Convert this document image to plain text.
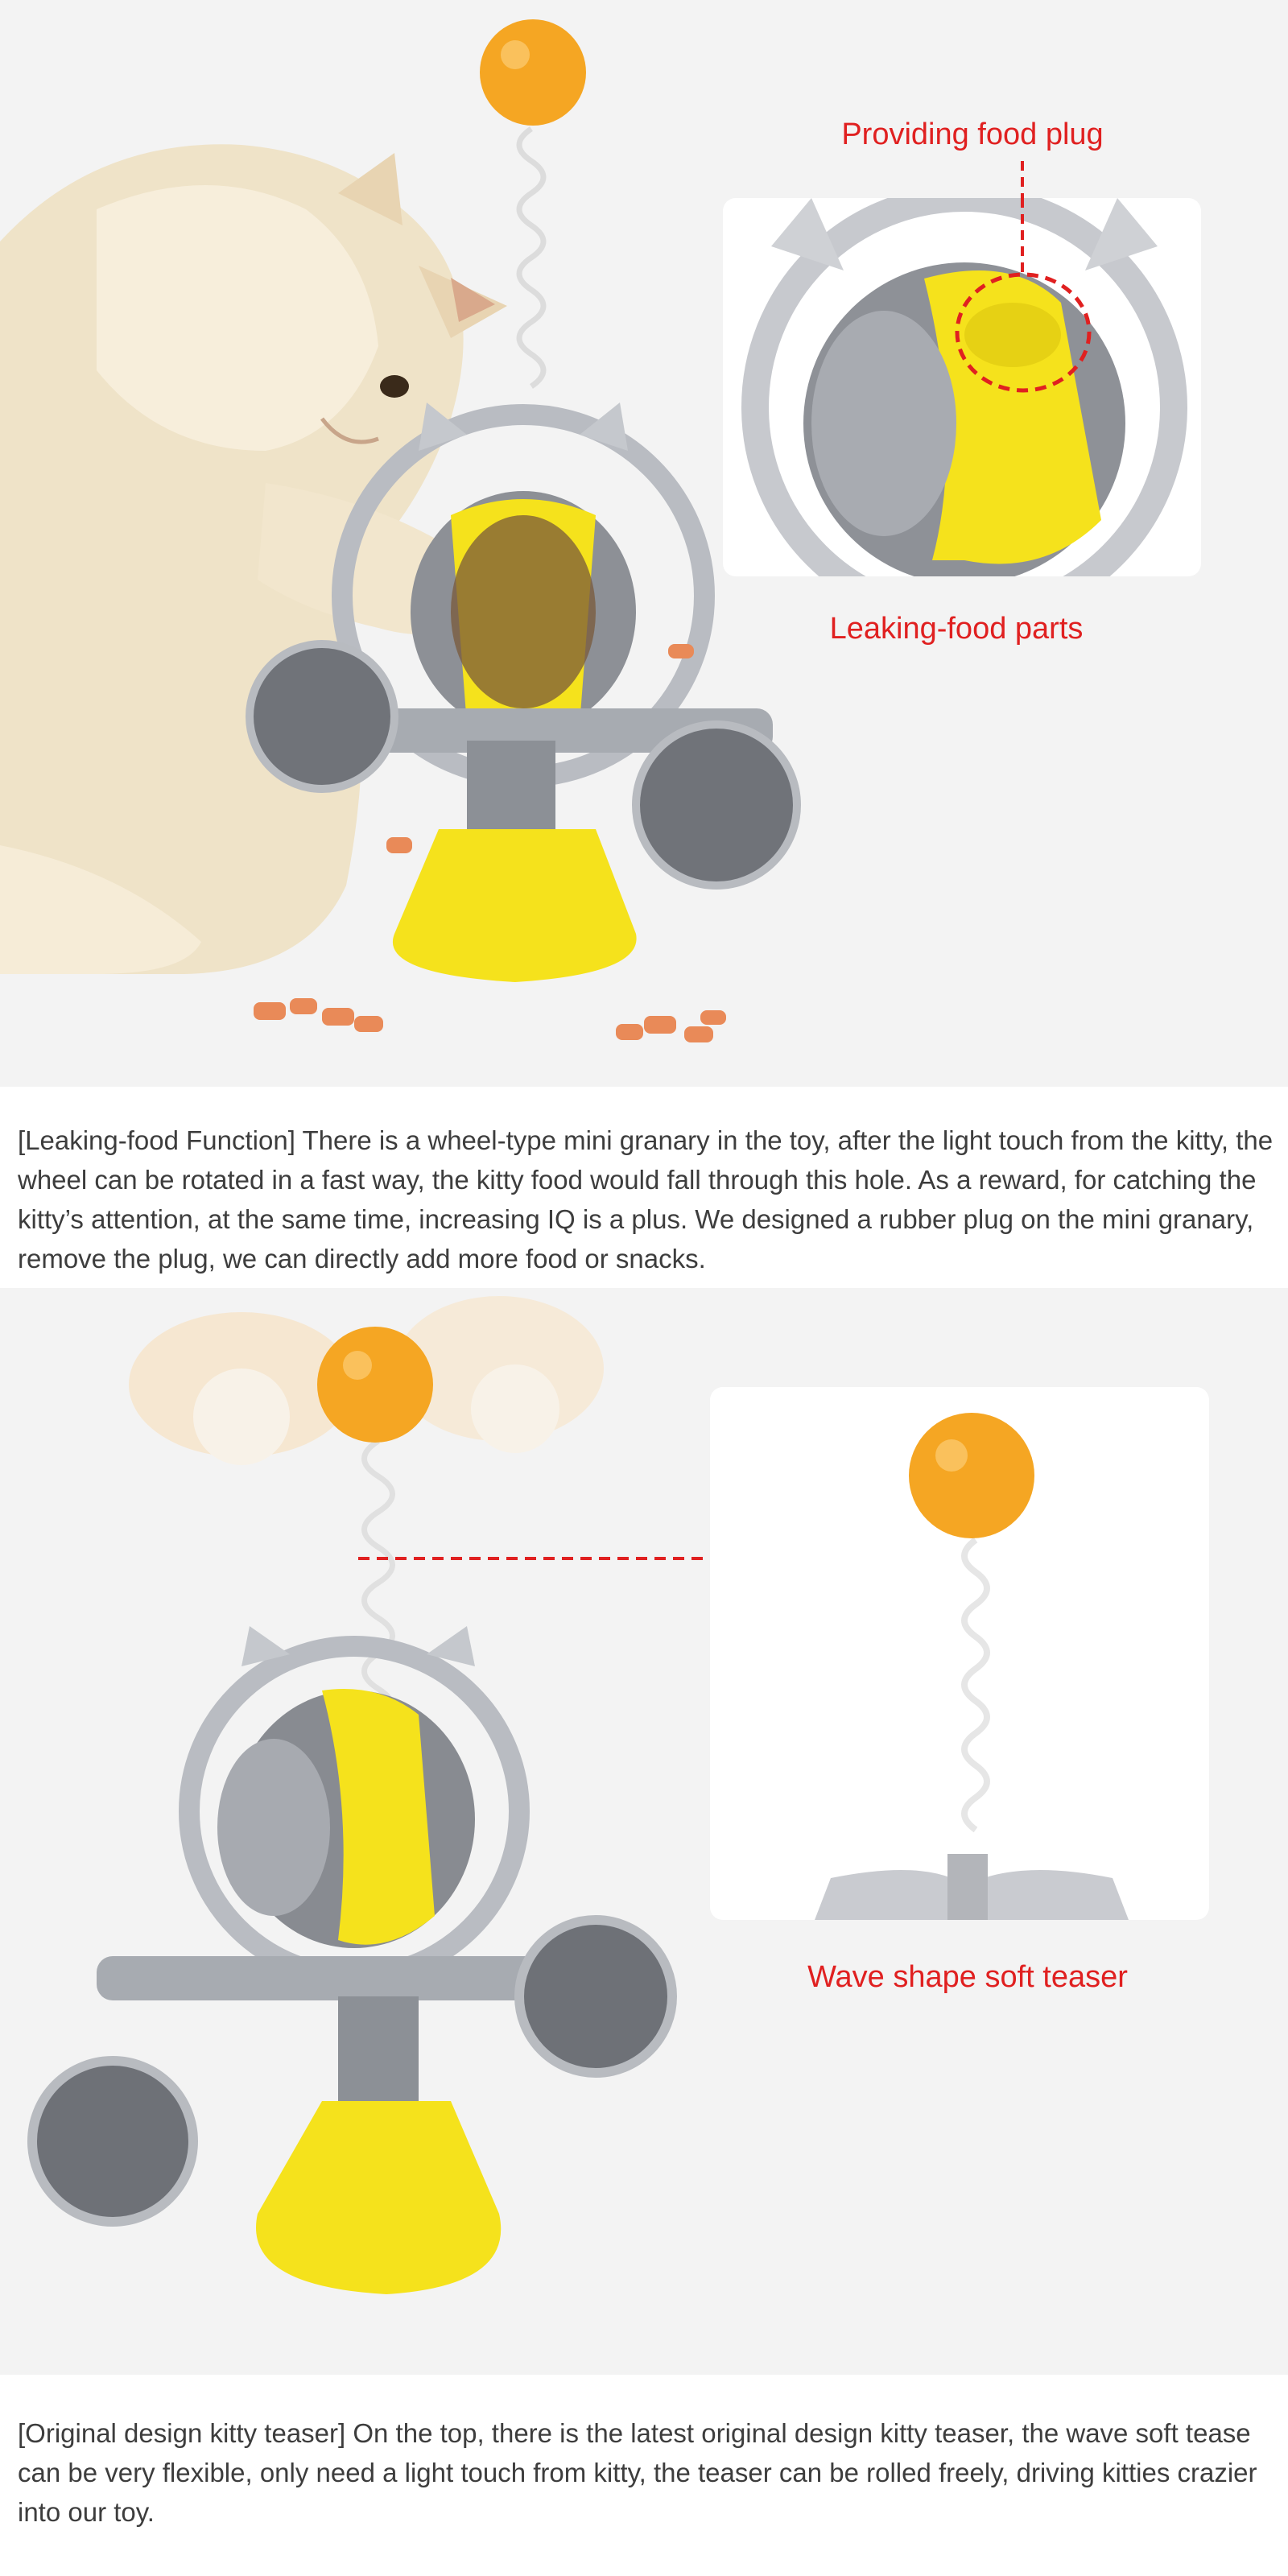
Providing food plug
Leaking-food parts

[Leaking-food Function] There is a wheel-type mini granary in the toy, after the light touch from the kitty, the wheel can be rotated in a fast way, the kitty food would fall through this hole. As a reward, for catching the kitty’s attention, at the same time, increasing IQ is a plus. We designed a rubber plug on the mini granary, remove the plug, we can directly add more food or snacks.

Wave shape soft teaser

[Original design kitty teaser] On the top, there is the latest original design kitty teaser, the wave soft tease can be very flexible, only need a light touch from kitty, the teaser can be rolled freely, driving kitties crazier into our toy.
